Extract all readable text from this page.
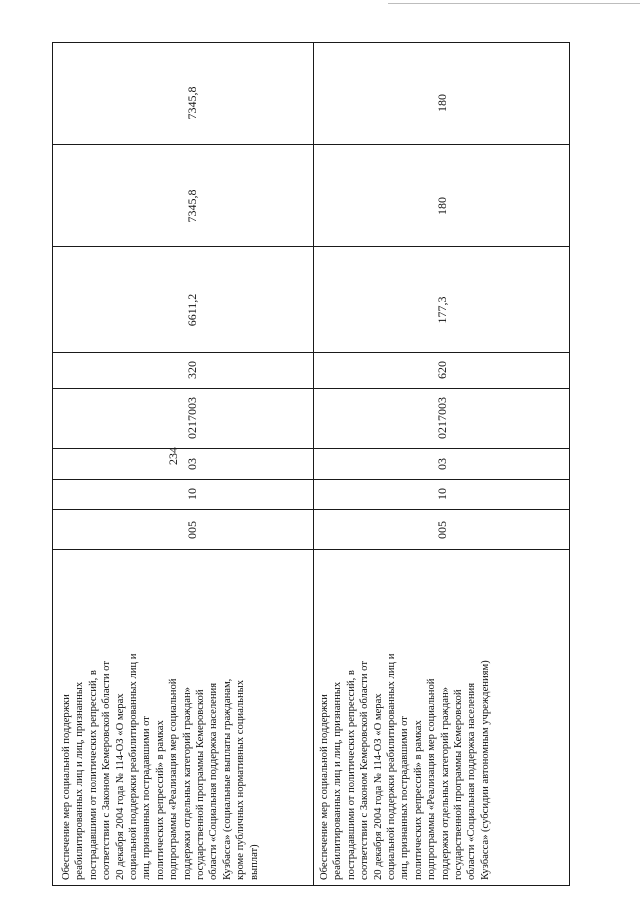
234
Обеспечение мер социальной поддержки реабилитированных лиц и лиц, признанных пострадавшими от политических репрессий, в соответствии с Законом Кемеровской области от 20 декабря 2004 года № 114-ОЗ «О мерах социальной поддержки реабилитированных лиц и лиц, признанных пострадавшими от политических репрессий» в рамках подпрограммы «Реализация мер социальной поддержки отдельных категорий граждан» государственной программы Кемеровской области «Социальная поддержка населения Кузбасса» (социальные выплаты гражданам, кроме публичных нормативных социальных выплат)
005
10
03
0217003
320
6611,2
7345,8
7345,8
Обеспечение мер социальной поддержки реабилитированных лиц и лиц, признанных пострадавшими от политических репрессий, в соответствии с Законом Кемеровской области от 20 декабря 2004 года № 114-ОЗ «О мерах социальной поддержки реабилитированных лиц и лиц, признанных пострадавшими от политических репрессий» в рамках подпрограммы «Реализация мер социальной поддержки отдельных категорий граждан» государственной программы Кемеровской области «Социальная поддержка населения Кузбасса» (субсидии автономным учреждениям)
005
10
03
0217003
620
177,3
180
180
